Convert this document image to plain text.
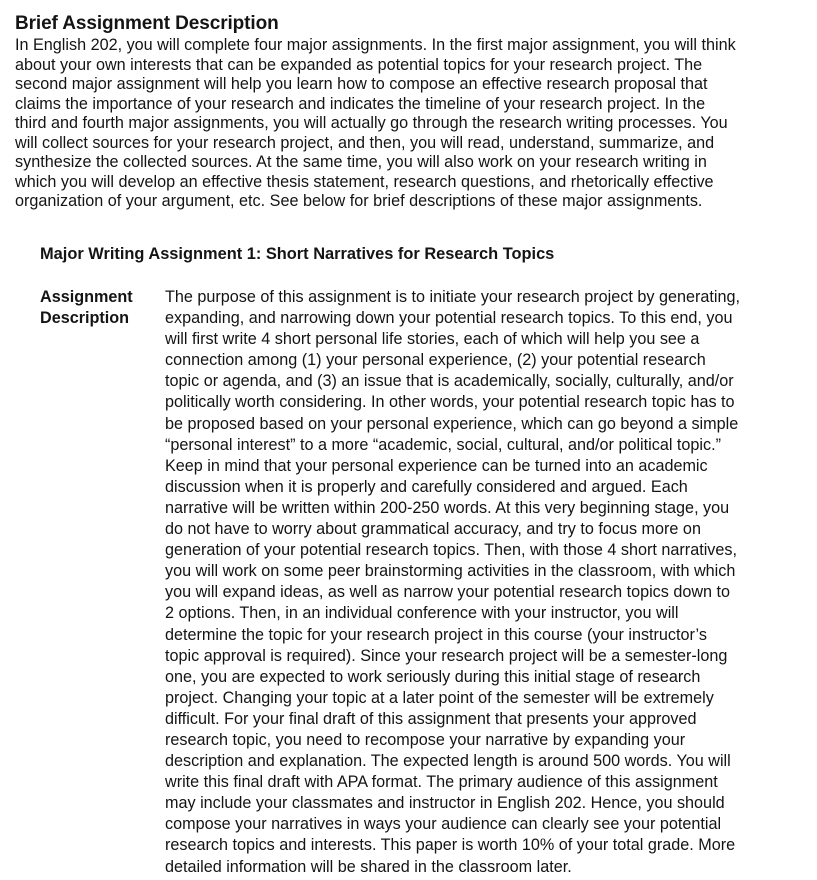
Brief Assignment Description
In English 202, you will complete four major assignments. In the first major assignment, you will think
about your own interests that can be expanded as potential topics for your research project. The
second major assignment will help you learn how to compose an effective research proposal that
claims the importance of your research and indicates the timeline of your research project. In the
third and fourth major assignments, you will actually go through the research writing processes. You
will collect sources for your research project, and then, you will read, understand, summarize, and
synthesize the collected sources. At the same time, you will also work on your research writing in
which you will develop an effective thesis statement, research questions, and rhetorically effective
organization of your argument, etc. See below for brief descriptions of these major assignments.
Major Writing Assignment 1: Short Narratives for Research Topics
Assignment
Description
The purpose of this assignment is to initiate your research project by generating,
expanding, and narrowing down your potential research topics. To this end, you
will first write 4 short personal life stories, each of which will help you see a
connection among (1) your personal experience, (2) your potential research
topic or agenda, and (3) an issue that is academically, socially, culturally, and/or
politically worth considering. In other words, your potential research topic has to
be proposed based on your personal experience, which can go beyond a simple
“personal interest” to a more “academic, social, cultural, and/or political topic.”
Keep in mind that your personal experience can be turned into an academic
discussion when it is properly and carefully considered and argued. Each
narrative will be written within 200-250 words. At this very beginning stage, you
do not have to worry about grammatical accuracy, and try to focus more on
generation of your potential research topics. Then, with those 4 short narratives,
you will work on some peer brainstorming activities in the classroom, with which
you will expand ideas, as well as narrow your potential research topics down to
2 options. Then, in an individual conference with your instructor, you will
determine the topic for your research project in this course (your instructor’s
topic approval is required). Since your research project will be a semester-long
one, you are expected to work seriously during this initial stage of research
project. Changing your topic at a later point of the semester will be extremely
difficult. For your final draft of this assignment that presents your approved
research topic, you need to recompose your narrative by expanding your
description and explanation. The expected length is around 500 words. You will
write this final draft with APA format. The primary audience of this assignment
may include your classmates and instructor in English 202. Hence, you should
compose your narratives in ways your audience can clearly see your potential
research topics and interests. This paper is worth 10% of your total grade. More
detailed information will be shared in the classroom later.
